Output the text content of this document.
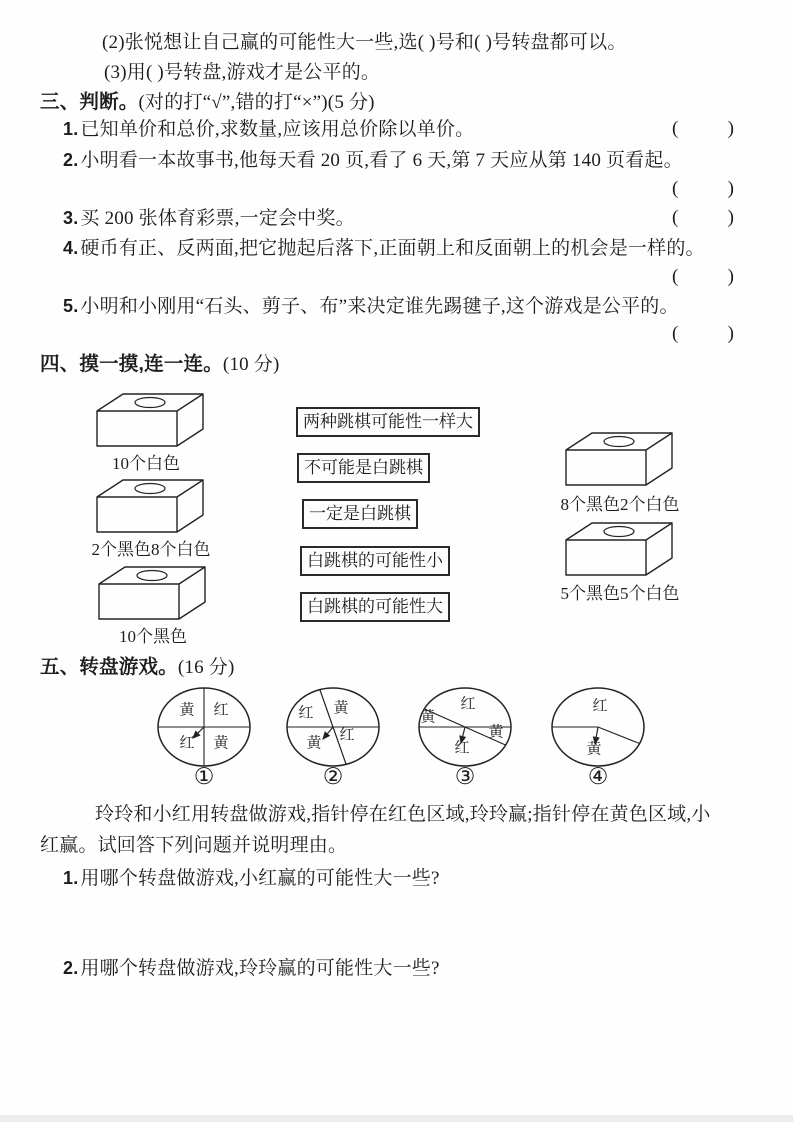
(2)张悦想让自己赢的可能性大一些,选( )号和( )号转盘都可以。
(3)用( )号转盘,游戏才是公平的。
三、判断。(对的打“√”,错的打“×”)(5 分)
1. 已知单价和总价,求数量,应该用总价除以单价。	(	)
2. 小明看一本故事书,他每天看 20 页,看了 6 天,第 7 天应从第 140 页看起。
(	)
3. 买 200 张体育彩票,一定会中奖。	(	)
4. 硬币有正、反两面,把它抛起后落下,正面朝上和反面朝上的机会是一样的。
(	)
5. 小明和小刚用“石头、剪子、布”来决定谁先踢毽子,这个游戏是公平的。
(	)
四、摸一摸,连一连。(10 分)
10个白色
2个黑色8个白色
10个黑色
两种跳棋可能性一样大
不可能是白跳棋
一定是白跳棋
白跳棋的可能性小
白跳棋的可能性大
8个黑色2个白色
5个黑色5个白色
五、转盘游戏。(16 分)
黄 红
红 黄
①
红 黄
黄 红
②
红
黄
黄
红
③
红
黄
④
玲玲和小红用转盘做游戏,指针停在红色区域,玲玲赢;指针停在黄色区域,小
红赢。试回答下列问题并说明理由。
1. 用哪个转盘做游戏,小红赢的可能性大一些?
2. 用哪个转盘做游戏,玲玲赢的可能性大一些?
